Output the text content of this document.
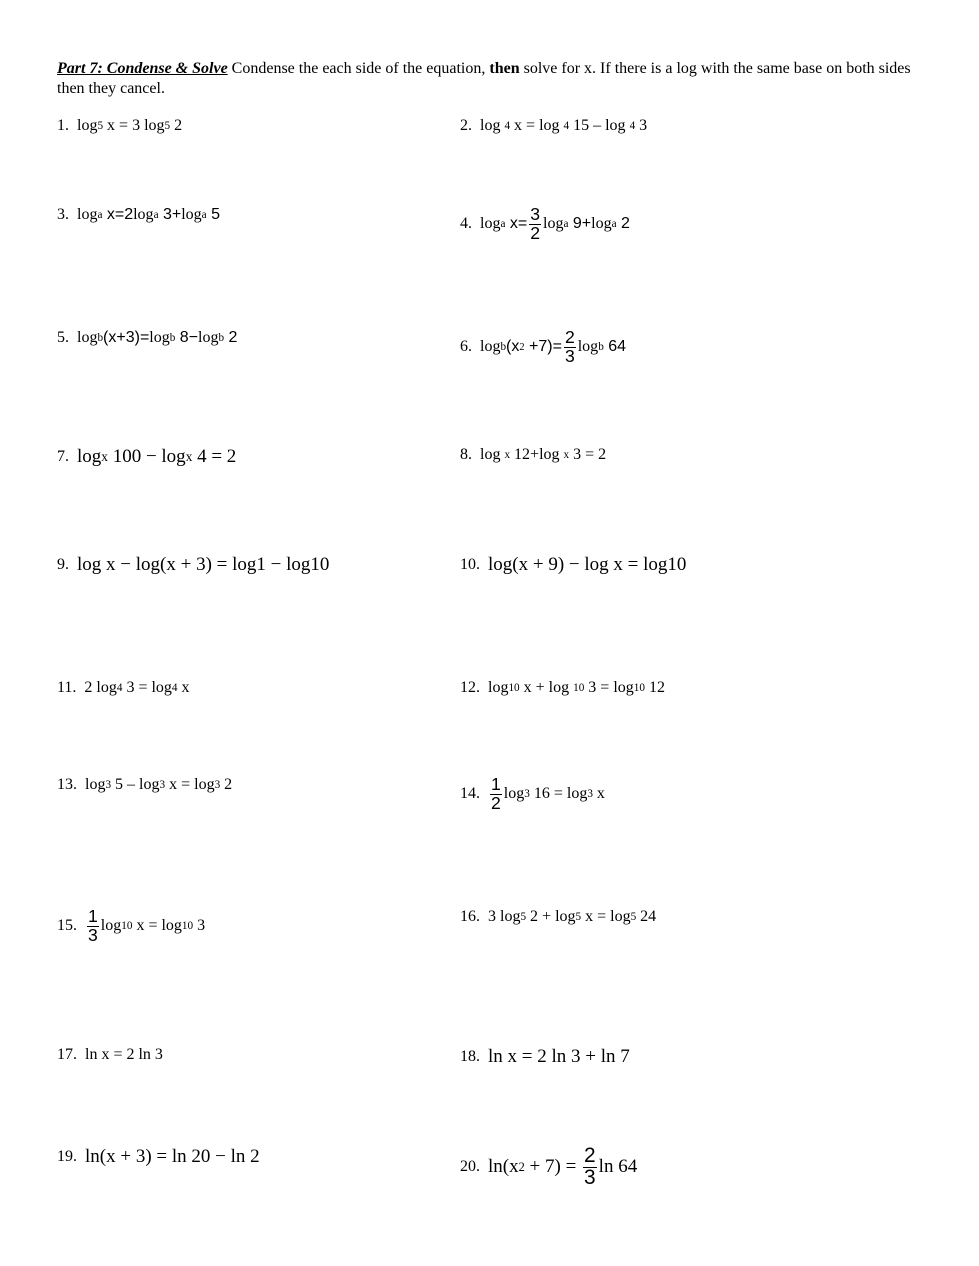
Part 7: Condense & Solve Condense the each side of the equation, then solve for x. If there is a log with the same base on both sides then they cancel.
1. log 5 x = 3 log 5 2	2. log 4 x = log 4 15 – log 4 3
3. log a x=2 log a 3+ log a 5
4. log a $x= \frac{3}{2}$ log a 9+ log a 2
5. log b (x+3)= log b 8− log b 2
6. log b (x $2 +7)= \frac{2}{3}$ log b 64
7. log x 100 − log x 4 = 2	8. log x 12+log x 3 = 2
9. log x − log(x + 3) = log1 − log10	10. log(x + 9) − log x = log10
11. 2 log 4 3 = log 4 x	12. log 10 x + log 10 3 = log 10 12
13. log 3 5 – log 3 x = log 3 2
14. $\frac{1}{2}$ log 3 16 = log 3 x
15. $\frac{1}{3}$ log 10 x = log 10 3
16. 3 log 5 2 + log 5 x = log 5 24
17. ln x = 2 ln 3	18. ln x = 2 ln 3 + ln 7
19. ln(x + 3) = ln 20 − ln 2	20. ln(x $2 + 7) = \frac{2}{3}$ ln 64
